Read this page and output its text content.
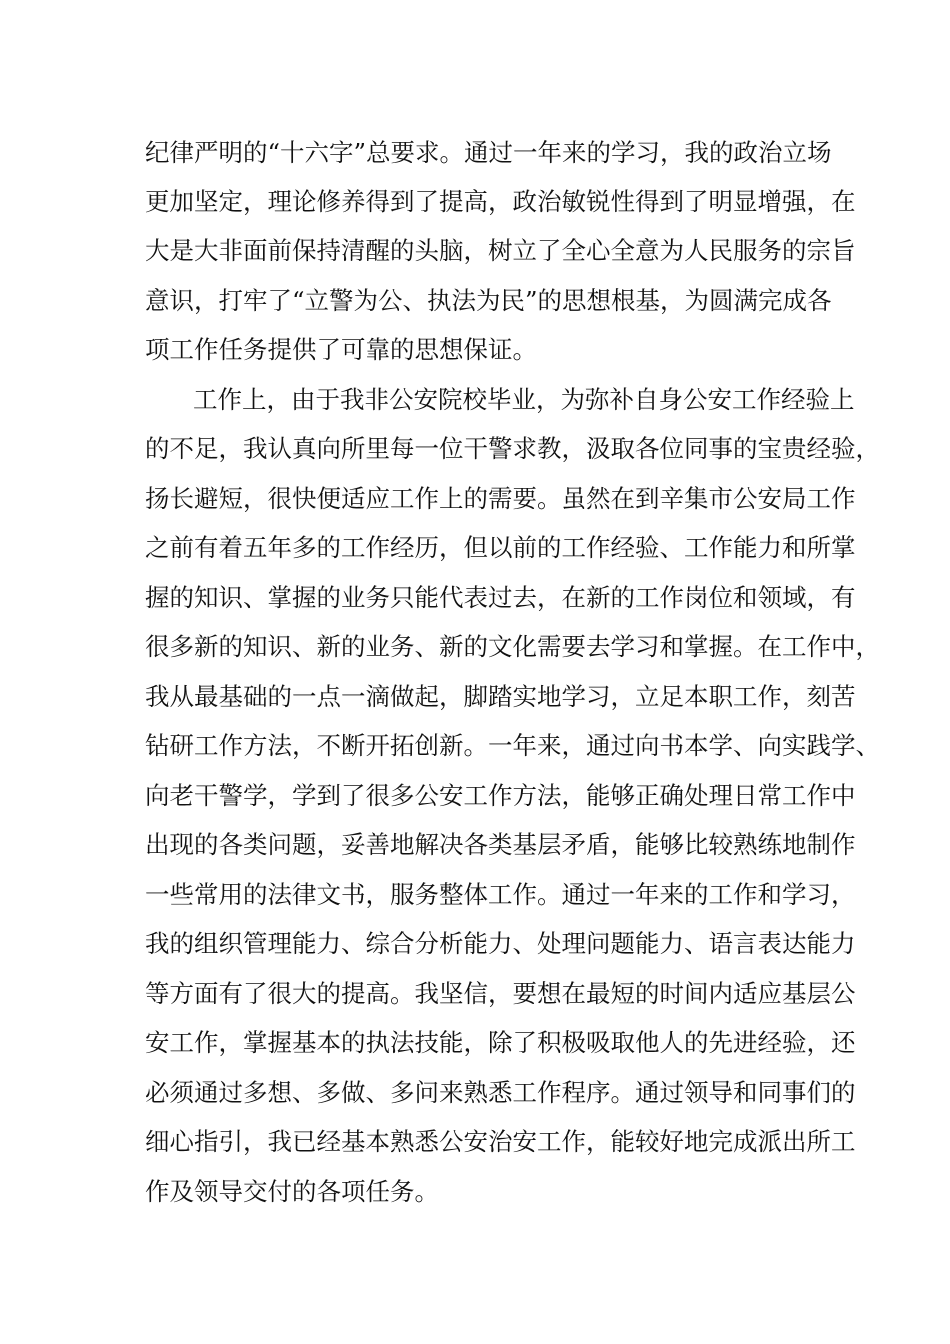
纪律严明的“十六字”总要求。通过一年来的学习，我的政治立场
更加坚定，理论修养得到了提高，政治敏锐性得到了明显增强，在
大是大非面前保持清醒的头脑，树立了全心全意为人民服务的宗旨
意识，打牢了“立警为公、执法为民”的思想根基，为圆满完成各
项工作任务提供了可靠的思想保证。
工作上，由于我非公安院校毕业，为弥补自身公安工作经验上
的不足，我认真向所里每一位干警求教，汲取各位同事的宝贵经验，
扬长避短，很快便适应工作上的需要。虽然在到辛集市公安局工作
之前有着五年多的工作经历，但以前的工作经验、工作能力和所掌
握的知识、掌握的业务只能代表过去，在新的工作岗位和领域，有
很多新的知识、新的业务、新的文化需要去学习和掌握。在工作中，
我从最基础的一点一滴做起，脚踏实地学习，立足本职工作，刻苦
钻研工作方法，不断开拓创新。一年来，通过向书本学、向实践学、
向老干警学，学到了很多公安工作方法，能够正确处理日常工作中
出现的各类问题，妥善地解决各类基层矛盾，能够比较熟练地制作
一些常用的法律文书，服务整体工作。通过一年来的工作和学习，
我的组织管理能力、综合分析能力、处理问题能力、语言表达能力
等方面有了很大的提高。我坚信，要想在最短的时间内适应基层公
安工作，掌握基本的执法技能，除了积极吸取他人的先进经验，还
必须通过多想、多做、多问来熟悉工作程序。通过领导和同事们的
细心指引，我已经基本熟悉公安治安工作，能较好地完成派出所工
作及领导交付的各项任务。
